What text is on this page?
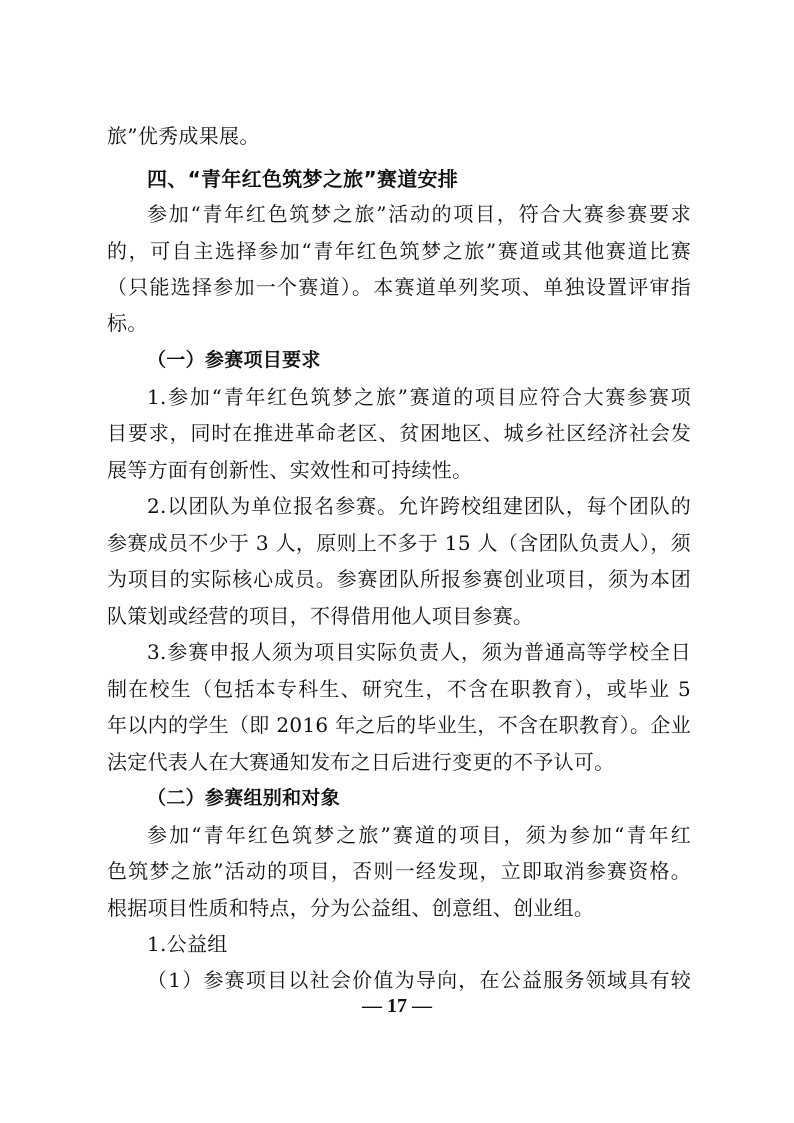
旅”优秀成果展。
四、“青年红色筑梦之旅”赛道安排
参加“青年红色筑梦之旅”活动的项目，符合大赛参赛要求
的，可自主选择参加“青年红色筑梦之旅”赛道或其他赛道比赛
（只能选择参加一个赛道）。本赛道单列奖项、单独设置评审指
标。
（一）参赛项目要求
1.参加“青年红色筑梦之旅”赛道的项目应符合大赛参赛项
目要求，同时在推进革命老区、贫困地区、城乡社区经济社会发
展等方面有创新性、实效性和可持续性。
2.以团队为单位报名参赛。允许跨校组建团队，每个团队的
参赛成员不少于 3 人，原则上不多于 15 人（含团队负责人），须
为项目的实际核心成员。参赛团队所报参赛创业项目，须为本团
队策划或经营的项目，不得借用他人项目参赛。
3.参赛申报人须为项目实际负责人，须为普通高等学校全日
制在校生（包括本专科生、研究生，不含在职教育），或毕业 5
年以内的学生（即 2016 年之后的毕业生，不含在职教育）。企业
法定代表人在大赛通知发布之日后进行变更的不予认可。
（二）参赛组别和对象
参加“青年红色筑梦之旅”赛道的项目，须为参加“青年红
色筑梦之旅”活动的项目，否则一经发现，立即取消参赛资格。
根据项目性质和特点，分为公益组、创意组、创业组。
1.公益组
（1）参赛项目以社会价值为导向，在公益服务领域具有较
— 17 —
